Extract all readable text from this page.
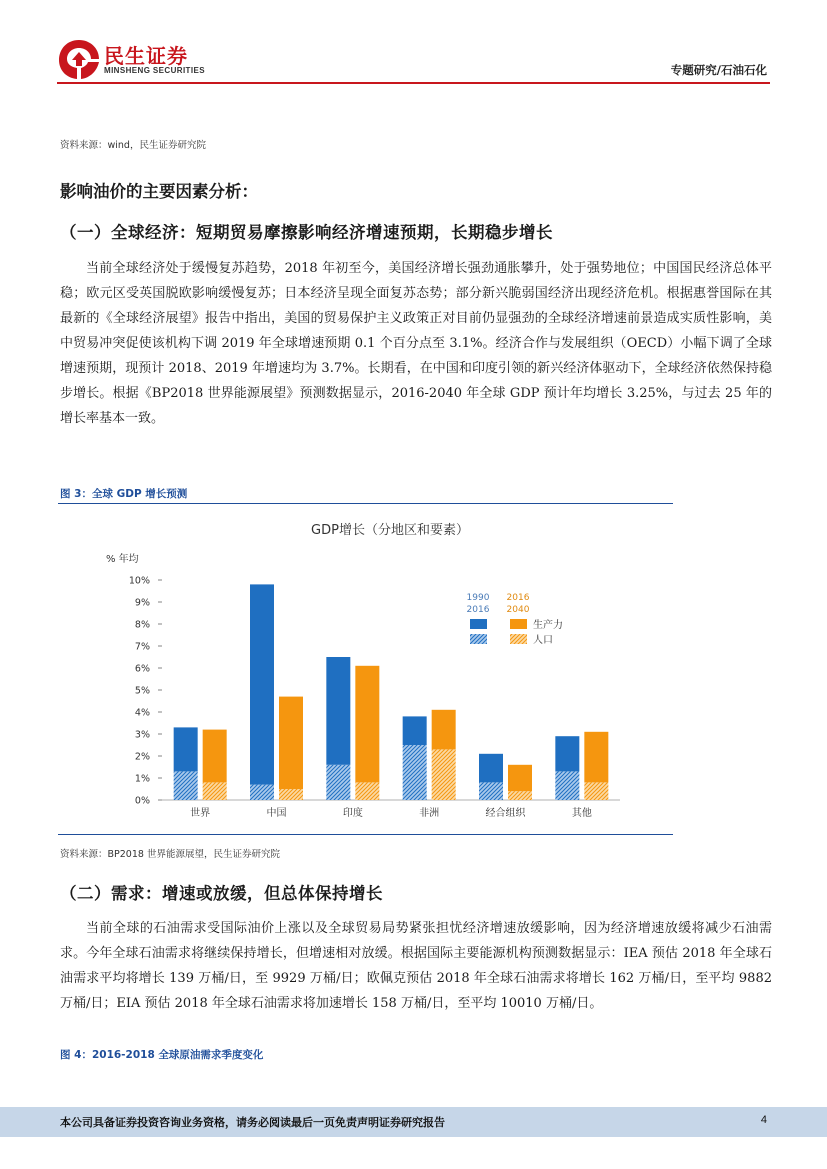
民生证券
MINSHENG SECURITIES	专题研究/石油石化
资料来源：wind，民生证券研究院
影响油价的主要因素分析：
（一）全球经济：短期贸易摩擦影响经济增速预期，长期稳步增长

当前全球经济处于缓慢复苏趋势，2018 年初至今，美国经济增长强劲通胀攀升，处于强势地位；中国国民经济总体平稳；欧元区受英国脱欧影响缓慢复苏；日本经济呈现全面复苏态势；部分新兴脆弱国经济出现经济危机。根据惠誉国际在其最新的《全球经济展望》报告中指出，美国的贸易保护主义政策正对目前仍显强劲的全球经济增速前景造成实质性影响，美中贸易冲突促使该机构下调 2019 年全球增速预期 0.1 个百分点至 3.1%。经济合作与发展组织（OECD）小幅下调了全球增速预期，现预计 2018、2019 年增速均为 3.7%。长期看，在中国和印度引领的新兴经济体驱动下，全球经济依然保持稳步增长。根据《BP2018 世界能源展望》预测数据显示，2016-2040 年全球 GDP 预计年均增长 3.25%，与过去 25 年的增长率基本一致。

图 3：全球 GDP 增长预测
GDP增长（分地区和要素）
% 年均
0%
1%
2%
3%
4%
5%
6%
7%
8%
9%
10%
世界	中国	印度	非洲	经合组织	其他
1990
2016
2016
2040
生产力
人口
资料来源：BP2018 世界能源展望，民生证券研究院
（二）需求：增速或放缓，但总体保持增长

当前全球的石油需求受国际油价上涨以及全球贸易局势紧张担忧经济增速放缓影响，因为经济增速放缓将减少石油需求。今年全球石油需求将继续保持增长，但增速相对放缓。根据国际主要能源机构预测数据显示：IEA 预估 2018 年全球石油需求平均将增长 139 万桶/日，至 9929 万桶/日；欧佩克预估 2018 年全球石油需求将增长 162 万桶/日，至平均 9882 万桶/日；EIA 预估 2018 年全球石油需求将加速增长 158 万桶/日，至平均 10010 万桶/日。

图 4：2016-2018 全球原油需求季度变化
本公司具备证券投资咨询业务资格，请务必阅读最后一页免责声明证券研究报告	4
